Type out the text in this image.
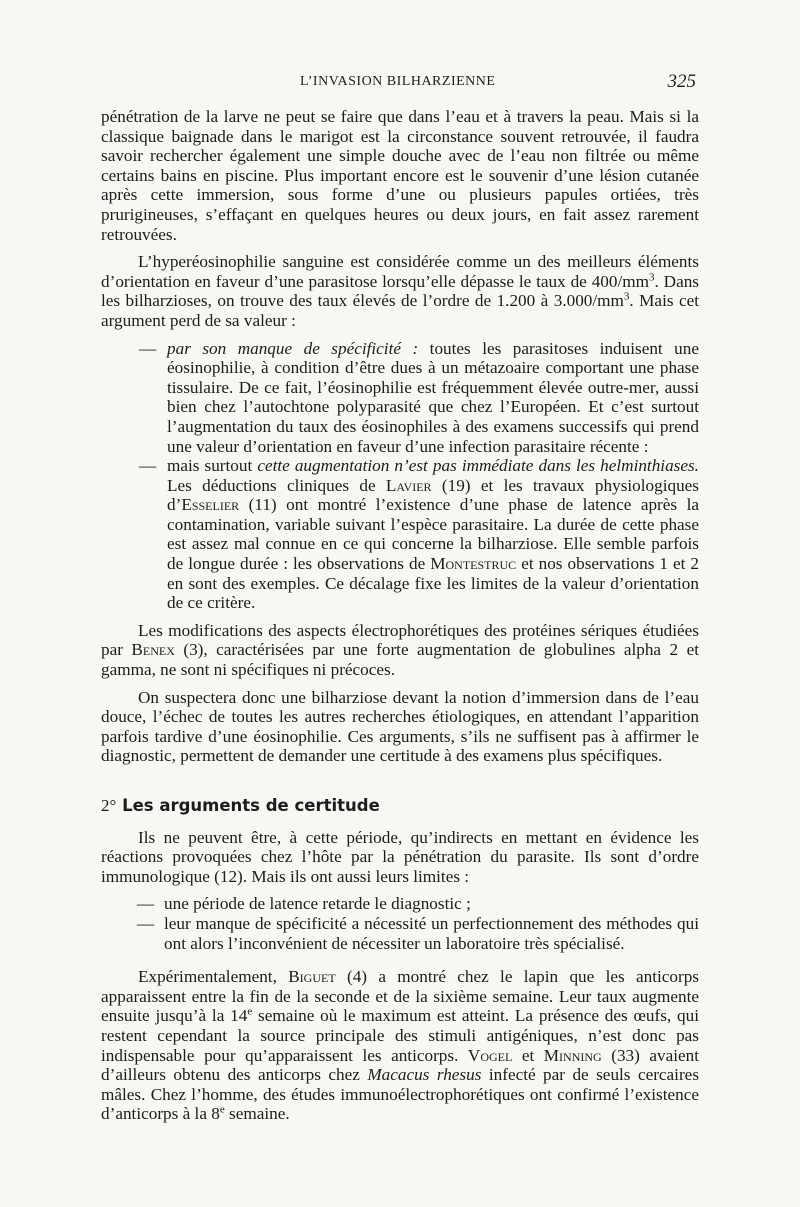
L’INVASION BILHARZIENNE	325

pénétration de la larve ne peut se faire que dans l’eau et à travers la peau. Mais si la classique baignade dans le marigot est la circonstance souvent retrouvée, il faudra savoir rechercher également une simple douche avec de l’eau non filtrée ou même certains bains en piscine. Plus important encore est le souvenir d’une lésion cutanée après cette immersion, sous forme d’une ou plusieurs papules ortiées, très prurigineuses, s’effaçant en quelques heures ou deux jours, en fait assez rarement retrouvées.

L’hyperéosinophilie sanguine est considérée comme un des meilleurs éléments d’orientation en faveur d’une parasitose lorsqu’elle dépasse le taux de $400/mm^3$. Dans les bilharzioses, on trouve des taux élevés de l’ordre de 1.200 à $3.000/mm^3$. Mais cet argument perd de sa valeur :

— par son manque de spécificité : toutes les parasitoses induisent une éosinophilie, à condition d’être dues à un métazoaire comportant une phase tissulaire. De ce fait, l’éosinophilie est fréquemment élevée outre-mer, aussi bien chez l’autochtone polyparasité que chez l’Européen. Et c’est surtout l’augmentation du taux des éosinophiles à des examens successifs qui prend une valeur d’orientation en faveur d’une infection parasitaire récente :
— mais surtout cette augmentation n’est pas immédiate dans les helminthiases. Les déductions cliniques de Lavier (19) et les travaux physiologiques d’Esselier (11) ont montré l’existence d’une phase de latence après la contamination, variable suivant l’espèce parasitaire. La durée de cette phase est assez mal connue en ce qui concerne la bilharziose. Elle semble parfois de longue durée : les observations de Montestruc et nos observations 1 et 2 en sont des exemples. Ce décalage fixe les limites de la valeur d’orientation de ce critère.

Les modifications des aspects électrophorétiques des protéines sériques étudiées par Benex (3), caractérisées par une forte augmentation de globulines alpha 2 et gamma, ne sont ni spécifiques ni précoces.

On suspectera donc une bilharziose devant la notion d’immersion dans de l’eau douce, l’échec de toutes les autres recherches étiologiques, en attendant l’apparition parfois tardive d’une éosinophilie. Ces arguments, s’ils ne suffisent pas à affirmer le diagnostic, permettent de demander une certitude à des examens plus spécifiques.

2° Les arguments de certitude

Ils ne peuvent être, à cette période, qu’indirects en mettant en évidence les réactions provoquées chez l’hôte par la pénétration du parasite. Ils sont d’ordre immunologique (12). Mais ils ont aussi leurs limites :

— une période de latence retarde le diagnostic ;
— leur manque de spécificité a nécessité un perfectionnement des méthodes qui ont alors l’inconvénient de nécessiter un laboratoire très spécialisé.

Expérimentalement, Biguet (4) a montré chez le lapin que les anticorps apparaissent entre la fin de la seconde et de la sixième semaine. Leur taux augmente ensuite jusqu’à la 14e semaine où le maximum est atteint. La présence des œufs, qui restent cependant la source principale des stimuli antigéniques, n’est donc pas indispensable pour qu’apparaissent les anticorps. Vogel et Minning (33) avaient d’ailleurs obtenu des anticorps chez Macacus rhesus infecté par de seuls cercaires mâles. Chez l’homme, des études immunoélectrophorétiques ont confirmé l’existence d’anticorps à la 8e semaine.
